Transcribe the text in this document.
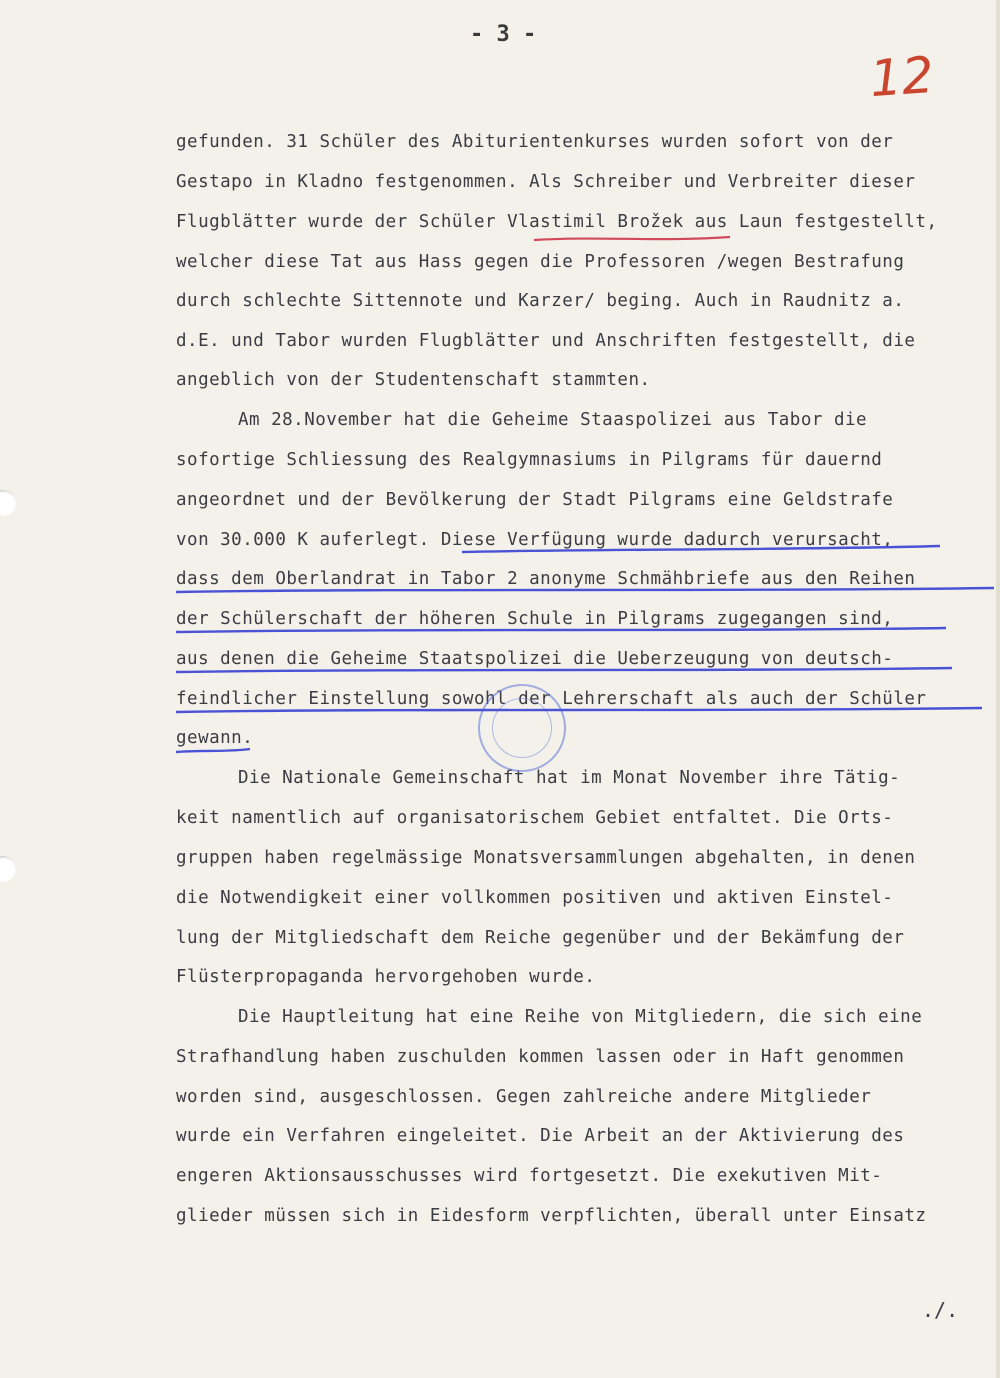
- 3 -
12

gefunden. 31 Schüler des Abiturientenkurses wurden sofort von der

Gestapo in Kladno festgenommen. Als Schreiber und Verbreiter dieser

Flugblätter wurde der Schüler Vlastimil Brožek aus Laun festgestellt,

welcher diese Tat aus Hass gegen die Professoren /wegen Bestrafung

durch schlechte Sittennote und Karzer/ beging. Auch in Raudnitz a.

d.E. und Tabor wurden Flugblätter und Anschriften festgestellt, die

angeblich von der Studentenschaft stammten.

Am 28.November hat die Geheime Staaspolizei aus Tabor die

sofortige Schliessung des Realgymnasiums in Pilgrams für dauernd

angeordnet und der Bevölkerung der Stadt Pilgrams eine Geldstrafe

von 30.000 K auferlegt. Diese Verfügung wurde dadurch verursacht,

dass dem Oberlandrat in Tabor 2 anonyme Schmähbriefe aus den Reihen

der Schülerschaft der höheren Schule in Pilgrams zugegangen sind,

aus denen die Geheime Staatspolizei die Ueberzeugung von deutsch-

feindlicher Einstellung sowohl der Lehrerschaft als auch der Schüler

gewann.

Die Nationale Gemeinschaft hat im Monat November ihre Tätig-

keit namentlich auf organisatorischem Gebiet entfaltet. Die Orts-

gruppen haben regelmässige Monatsversammlungen abgehalten, in denen

die Notwendigkeit einer vollkommen positiven und aktiven Einstel-

lung der Mitgliedschaft dem Reiche gegenüber und der Bekämfung der

Flüsterpropaganda hervorgehoben wurde.

Die Hauptleitung hat eine Reihe von Mitgliedern, die sich eine

Strafhandlung haben zuschulden kommen lassen oder in Haft genommen

worden sind, ausgeschlossen. Gegen zahlreiche andere Mitglieder

wurde ein Verfahren eingeleitet. Die Arbeit an der Aktivierung des

engeren Aktionsausschusses wird fortgesetzt. Die exekutiven Mit-

glieder müssen sich in Eidesform verpflichten, überall unter Einsatz

./.
